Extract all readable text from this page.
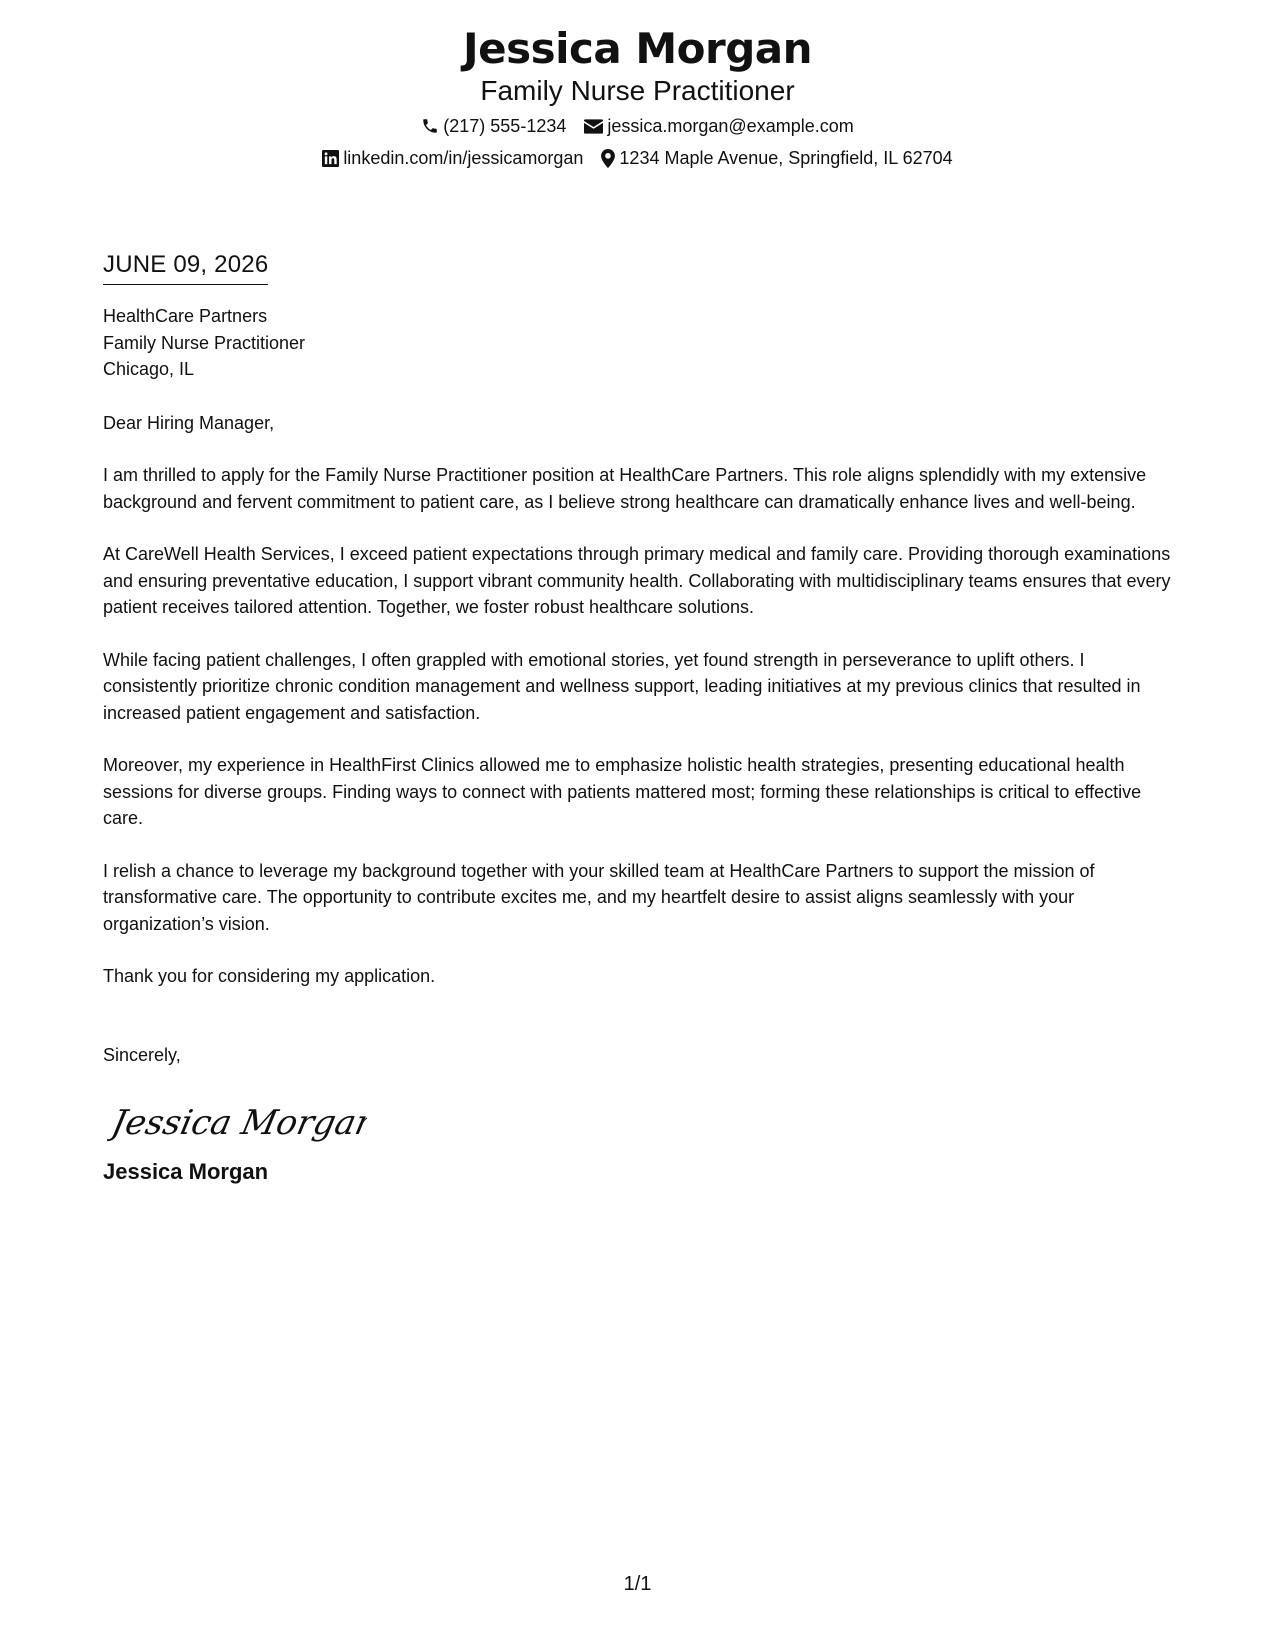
Jessica Morgan
Family Nurse Practitioner
(217) 555-1234 jessica.morgan@example.com
linkedin.com/in/jessicamorgan 1234 Maple Avenue, Springfield, IL 62704
JUNE 09, 2026
HealthCare Partners
Family Nurse Practitioner
Chicago, IL
Dear Hiring Manager,
I am thrilled to apply for the Family Nurse Practitioner position at HealthCare Partners. This role aligns splendidly with my extensive background and fervent commitment to patient care, as I believe strong healthcare can dramatically enhance lives and well-being.
At CareWell Health Services, I exceed patient expectations through primary medical and family care. Providing thorough examinations and ensuring preventative education, I support vibrant community health. Collaborating with multidisciplinary teams ensures that every patient receives tailored attention. Together, we foster robust healthcare solutions.
While facing patient challenges, I often grappled with emotional stories, yet found strength in perseverance to uplift others. I consistently prioritize chronic condition management and wellness support, leading initiatives at my previous clinics that resulted in increased patient engagement and satisfaction.
Moreover, my experience in HealthFirst Clinics allowed me to emphasize holistic health strategies, presenting educational health sessions for diverse groups. Finding ways to connect with patients mattered most; forming these relationships is critical to effective care.
I relish a chance to leverage my background together with your skilled team at HealthCare Partners to support the mission of transformative care. The opportunity to contribute excites me, and my heartfelt desire to assist aligns seamlessly with your organization’s vision.
Thank you for considering my application.
Sincerely,
Jessica Morgan
Jessica Morgan
1/1
